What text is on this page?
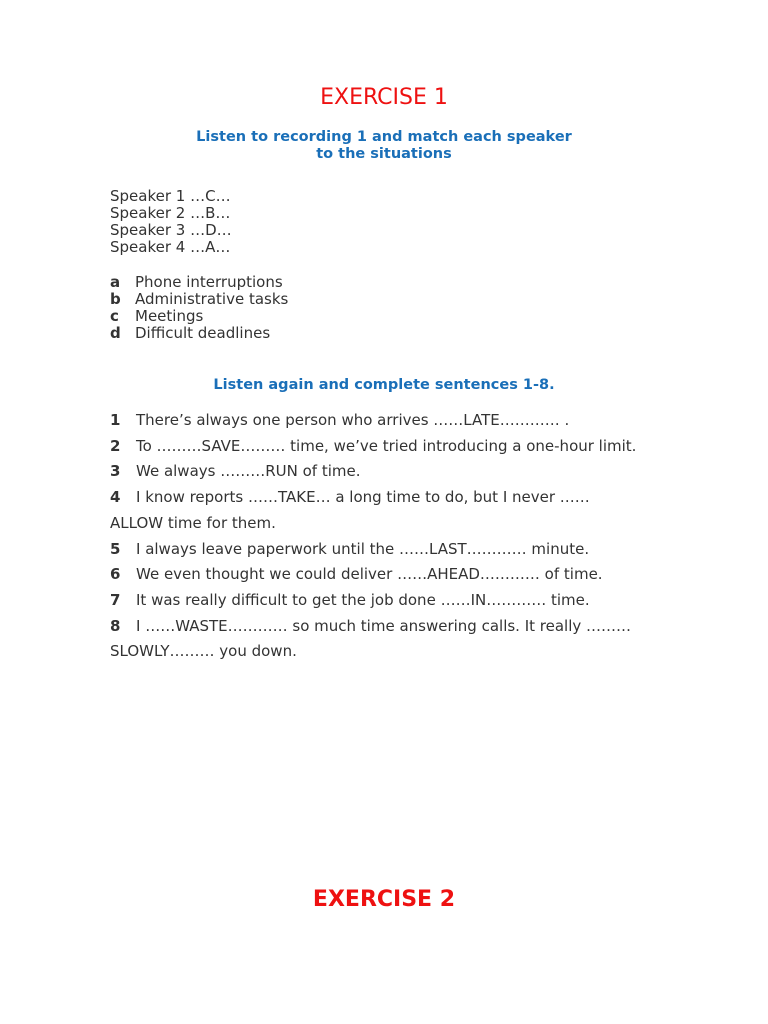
EXERCISE 1
Listen to recording 1 and match each speaker
to the situations
Speaker 1 …C…
Speaker 2 …B…
Speaker 3 …D…
Speaker 4 …A…
a Phone interruptions
b Administrative tasks
c Meetings
d Difficult deadlines
Listen again and complete sentences 1-8.
1 There’s always one person who arrives ……LATE………… .
2 To ………SAVE……… time, we’ve tried introducing a one-hour limit.
3 We always ………RUN of time.
4 I know reports ……TAKE… a long time to do, but I never ……
ALLOW time for them.
5 I always leave paperwork until the ……LAST………… minute.
6 We even thought we could deliver ……AHEAD………… of time.
7 It was really difficult to get the job done ……IN………… time.
8 I ……WASTE………… so much time answering calls. It really ………
SLOWLY……… you down.
EXERCISE 2
